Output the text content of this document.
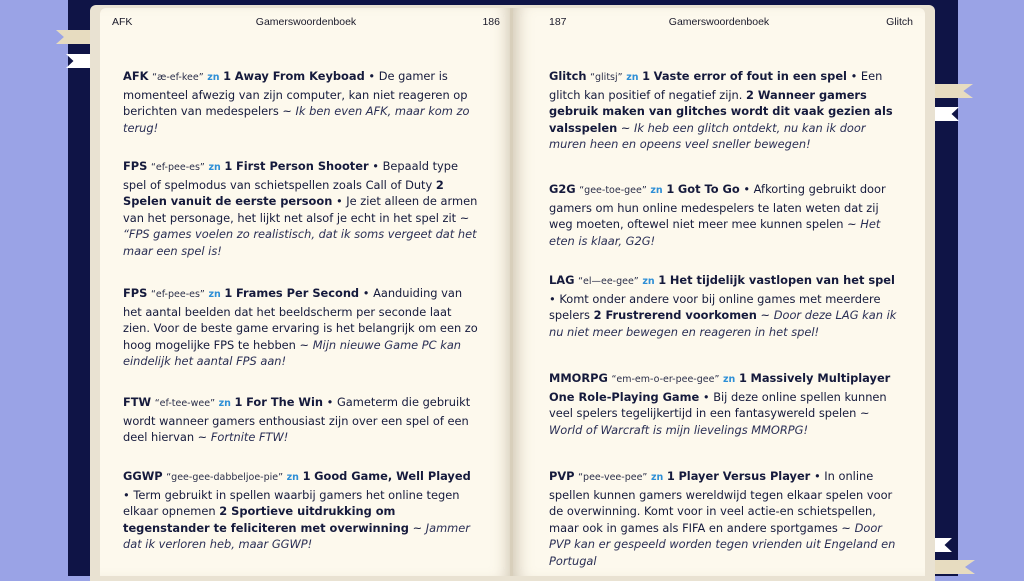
AFK	Gamerswoordenboek	186
AFK “æ-ef-kee” zn 1 Away From Keyboad • De gamer is momenteel afwezig van zijn computer, kan niet reageren op berichten van medespelers ~ Ik ben even AFK, maar kom zo terug!
FPS “ef-pee-es” zn 1 First Person Shooter • Bepaald type spel of spelmodus van schietspellen zoals Call of Duty 2 Spelen vanuit de eerste persoon • Je ziet alleen de armen van het personage, het lijkt net alsof je echt in het spel zit ~ “FPS games voelen zo realistisch, dat ik soms vergeet dat het maar een spel is!
FPS “ef-pee-es” zn 1 Frames Per Second • Aanduiding van het aantal beelden dat het beeldscherm per seconde laat zien. Voor de beste game ervaring is het belangrijk om een zo hoog mogelijke FPS te hebben ~ Mijn nieuwe Game PC kan eindelijk het aantal FPS aan!
FTW “ef-tee-wee” zn 1 For The Win • Gameterm die gebruikt wordt wanneer gamers enthousiast zijn over een spel of een deel hiervan ~ Fortnite FTW!
GGWP “gee-gee-dabbeljoe-pie” zn 1 Good Game, Well Played • Term gebruikt in spellen waarbij gamers het online tegen elkaar opnemen 2 Sportieve uitdrukking om tegenstander te feliciteren met overwinning ~ Jammer dat ik verloren heb, maar GGWP!
187	Gamerswoordenboek	Glitch
Glitch “glitsj” zn 1 Vaste error of fout in een spel • Een glitch kan positief of negatief zijn. 2 Wanneer gamers gebruik maken van glitches wordt dit vaak gezien als valsspelen ~ Ik heb een glitch ontdekt, nu kan ik door muren heen en opeens veel sneller bewegen!
G2G “gee-toe-gee” zn 1 Got To Go • Afkorting gebruikt door gamers om hun online medespelers te laten weten dat zij weg moeten, oftewel niet meer mee kunnen spelen ~ Het eten is klaar, G2G!
LAG “el—ee-gee” zn 1 Het tijdelijk vastlopen van het spel • Komt onder andere voor bij online games met meerdere spelers 2 Frustrerend voorkomen ~ Door deze LAG kan ik nu niet meer bewegen en reageren in het spel!
MMORPG “em-em-o-er-pee-gee” zn 1 Massively Multiplayer One Role-Playing Game • Bij deze online spellen kunnen veel spelers tegelijkertijd in een fantasywereld spelen ~ World of Warcraft is mijn lievelings MMORPG!
PVP “pee-vee-pee” zn 1 Player Versus Player • In online spellen kunnen gamers wereldwijd tegen elkaar spelen voor de overwinning. Komt voor in veel actie-en schietspellen, maar ook in games als FIFA en andere sportgames ~ Door PVP kan er gespeeld worden tegen vrienden uit Engeland en Portugal
